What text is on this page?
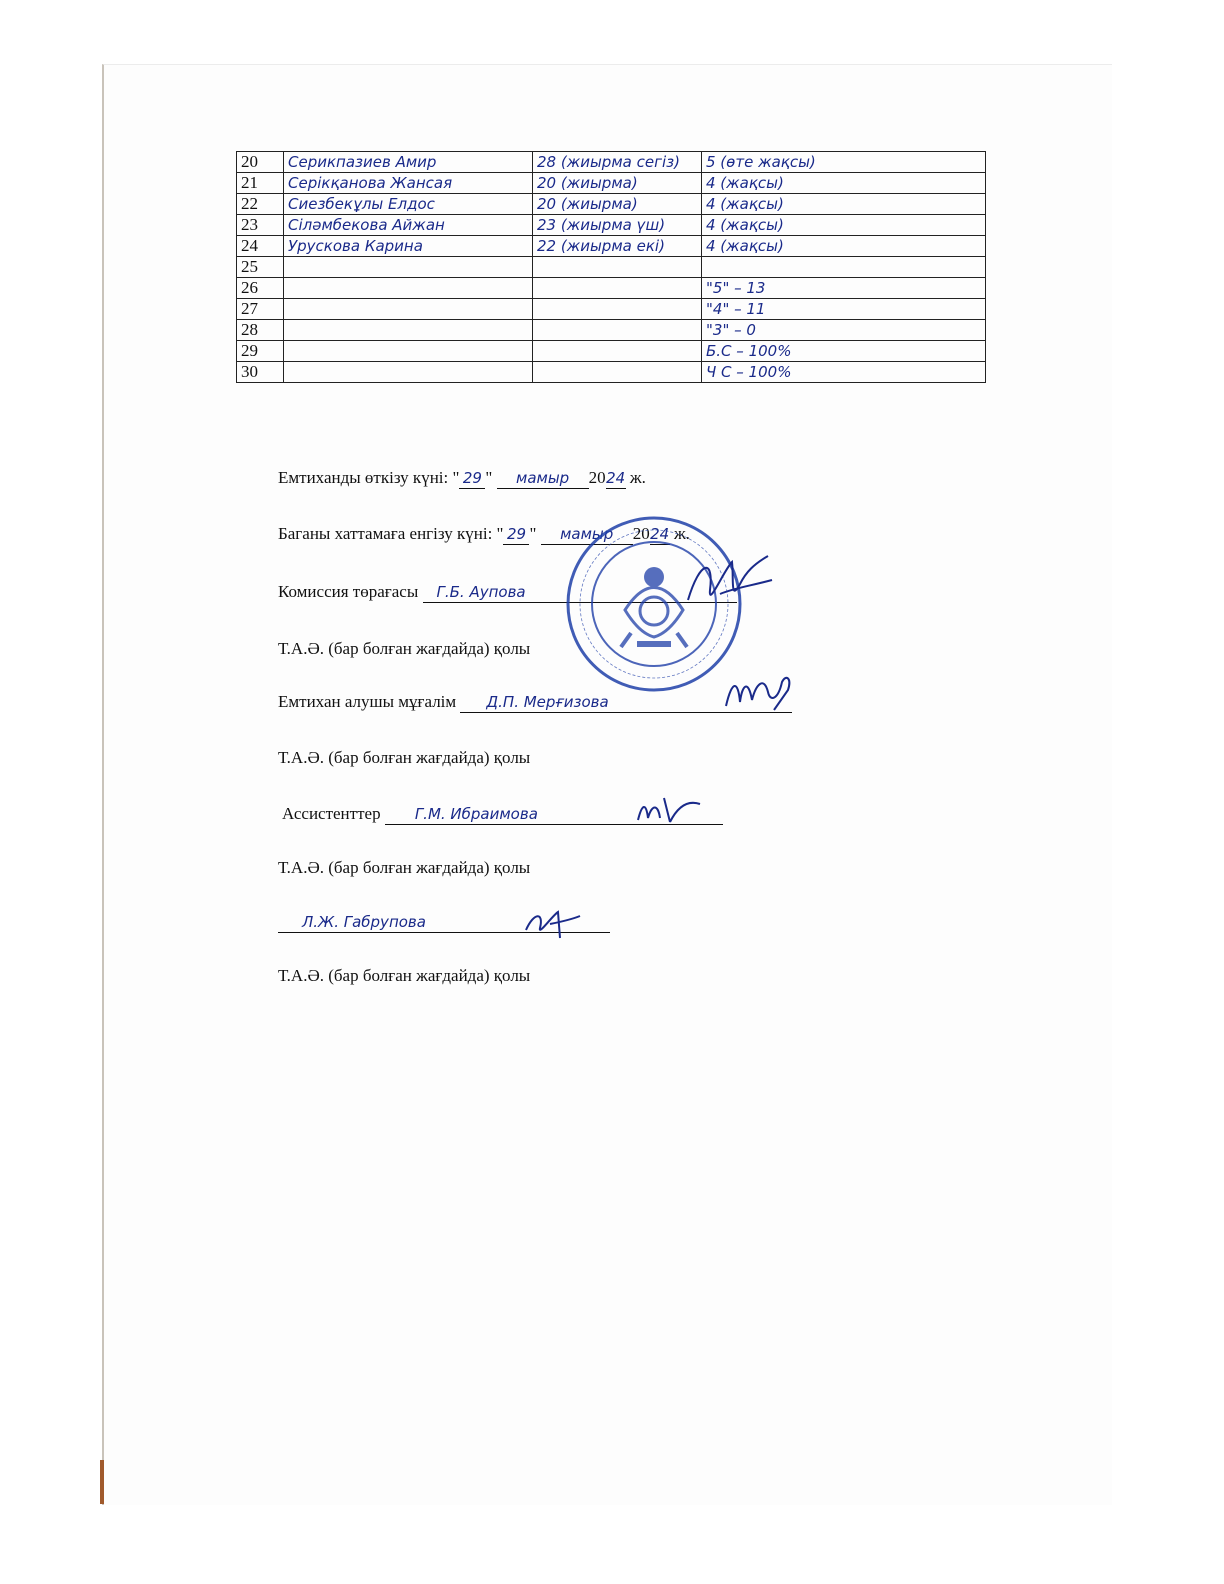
20	Серикпазиев Амир	28 (жиырма сегіз)	5 (өте жақсы)
21	Серікқанова Жансая	20 (жиырма)	4 (жақсы)
22	Сиезбекұлы Елдос	20 (жиырма)	4 (жақсы)
23	Сіләмбекова Айжан	23 (жиырма үш)	4 (жақсы)
24	Урускова Карина	22 (жиырма екі)	4 (жақсы)
25			
26			"5" – 13
27			"4" – 11
28			"3" – 0
29			Б.С – 100%
30			Ч С – 100%
Емтиханды өткізу күні: " 29 " мамыр 2024 ж.
Баганы хаттамаға енгізу күні: " 29 " мамыр 2024 ж.
Комиссия төрағасы Г.Б. Аупова
Т.А.Ә. (бар болған жағдайда) қолы
Емтихан алушы мұғалім Д.П. Мерғизова
Т.А.Ә. (бар болған жағдайда) қолы
Ассистенттер Г.М. Ибраимова
Т.А.Ә. (бар болған жағдайда) қолы
Л.Ж. Габрупова
Т.А.Ә. (бар болған жағдайда) қолы
